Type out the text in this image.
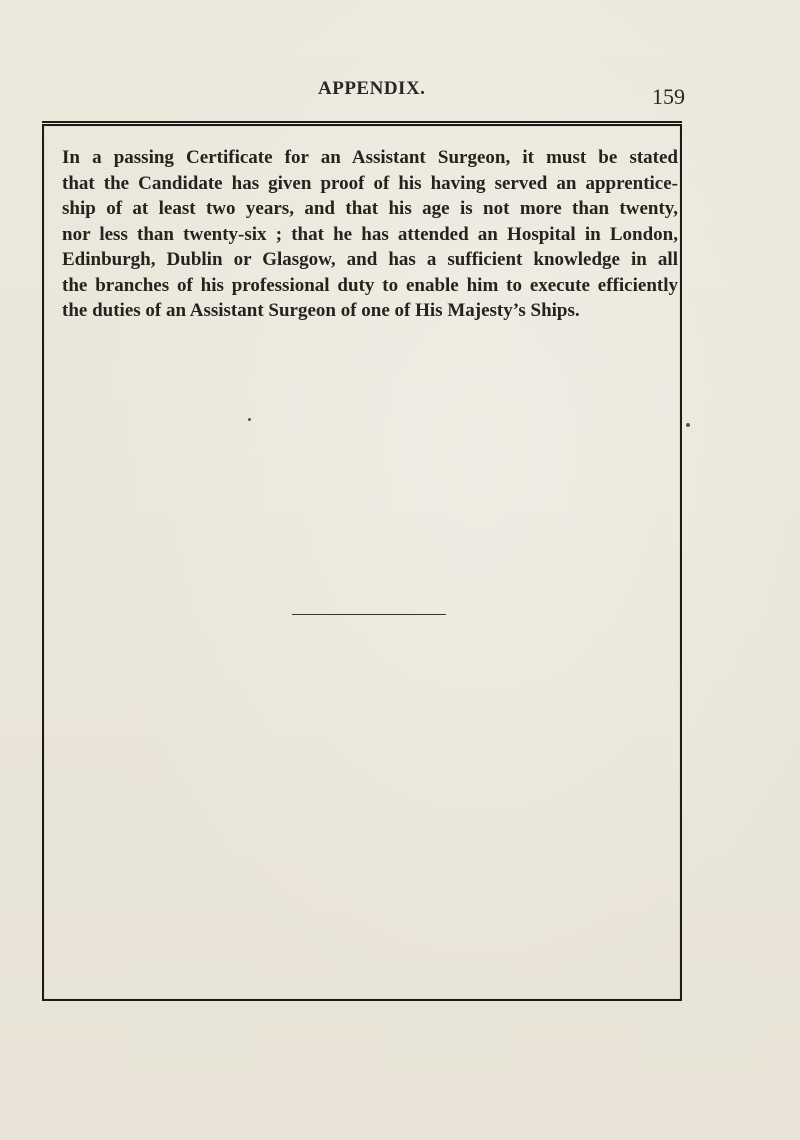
APPENDIX.	159
In a passing Certificate for an Assistant Surgeon, it must be stated
that the Candidate has given proof of his having served an apprentice-
ship of at least two years, and that his age is not more than twenty,
nor less than twenty-six ; that he has attended an Hospital in London,
Edinburgh, Dublin or Glasgow, and has a sufficient knowledge in all
the branches of his professional duty to enable him to execute efficiently
the duties of an Assistant Surgeon of one of His Majesty’s Ships.
